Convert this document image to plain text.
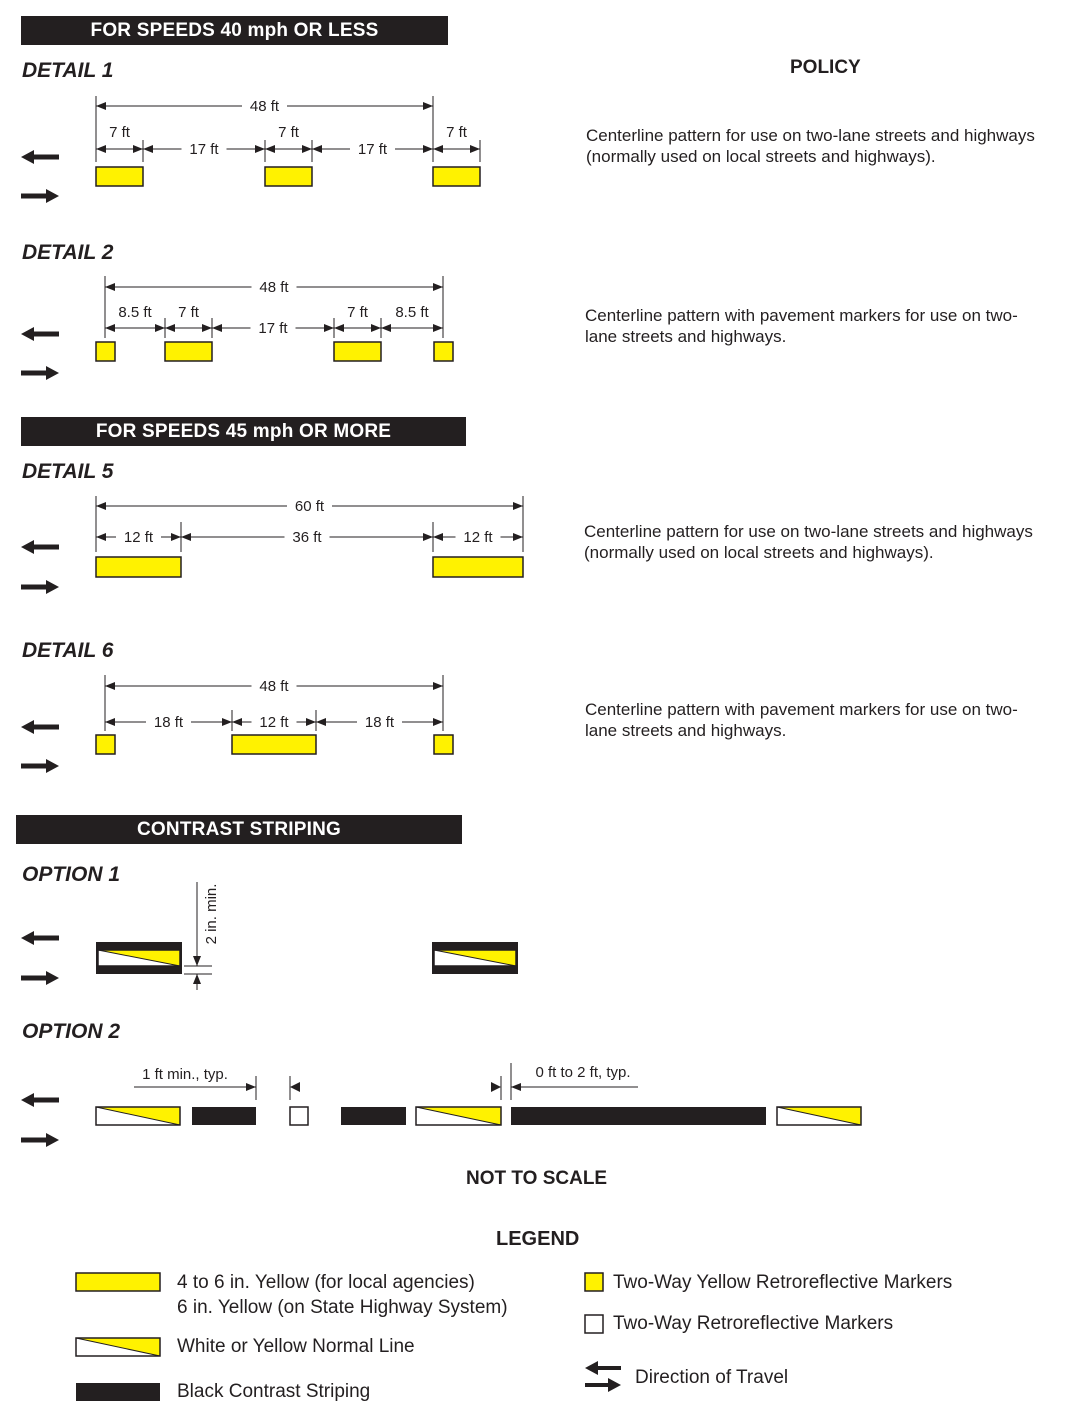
FOR SPEEDS 40 mph OR LESS
FOR SPEEDS 45 mph OR MORE
CONTRAST STRIPING
DETAIL 1
DETAIL 2
DETAIL 5
DETAIL 6
OPTION 1
OPTION 2
POLICY
Centerline pattern for use on two-lane streets and highways (normally used on local streets and highways).
Centerline pattern with pavement markers for use on two-lane streets and highways.
Centerline pattern for use on two-lane streets and highways (normally used on local streets and highways).
Centerline pattern with pavement markers for use on two-lane streets and highways.
NOT TO SCALE
LEGEND
4 to 6 in. Yellow (for local agencies)
6 in. Yellow (on State Highway System)
White or Yellow Normal Line
Black Contrast Striping
Two-Way Yellow Retroreflective Markers
Two-Way Retroreflective Markers
Direction of Travel
48 ft
7 ft
17 ft
7 ft
17 ft
7 ft
48 ft
8.5 ft 7 ft
17 ft
7 ft 8.5 ft
60 ft
12 ft	36 ft	12 ft
48 ft
18 ft	12 ft	18 ft
2 in. min.
1 ft min., typ.	0 ft to 2 ft, typ.
